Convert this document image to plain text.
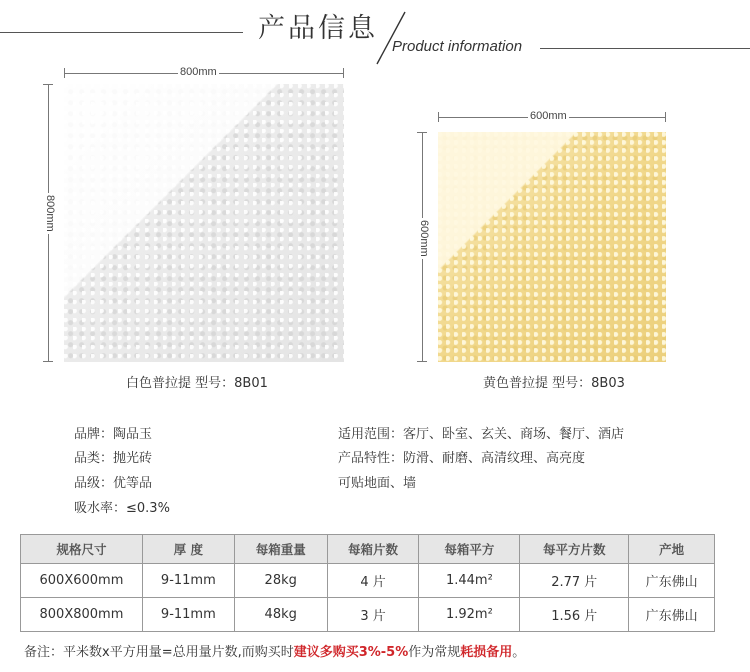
产品信息
Product information
800mm
800mm
白色普拉提 型号：8B01
600mm
600mm
黄色普拉提 型号：8B03
品牌：陶品玉
品类：抛光砖
品级：优等品
吸水率：≤0.3%
适用范围：客厅、卧室、玄关、商场、餐厅、酒店
产品特性：防滑、耐磨、高清纹理、高亮度
可贴地面、墙
规格尺寸	厚 度	每箱重量	每箱片数	每箱平方	每平方片数	产地
600X600mm	9-11mm	28kg	4 片	1.44m²	2.77 片	广东佛山
800X800mm	9-11mm	48kg	3 片	1.92m²	1.56 片	广东佛山
备注：平米数x平方用量=总用量片数,而购买时建议多购买3%-5%作为常规耗损备用。
